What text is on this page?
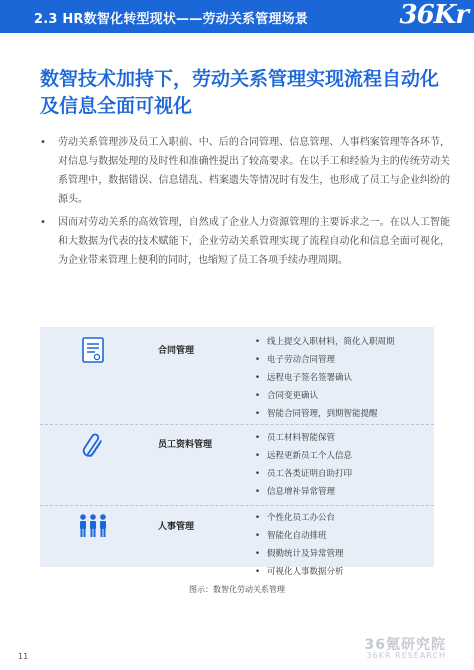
2.3 HR数智化转型现状——劳动关系管理场景	36Kr
数智技术加持下，劳动关系管理实现流程自动化及信息全面可视化
• 劳动关系管理涉及员工入职前、中、后的合同管理、信息管理、人事档案管理等各环节，对信息与数据处理的及时性和准确性提出了较高要求。在以手工和经验为主的传统劳动关系管理中，数据错误、信息错乱、档案遗失等情况时有发生，也形成了员工与企业纠纷的源头。
• 因而对劳动关系的高效管理，自然成了企业人力资源管理的主要诉求之一。在以人工智能和大数据为代表的技术赋能下，企业劳动关系管理实现了流程自动化和信息全面可视化，为企业带来管理上便利的同时，也缩短了员工各项手续办理周期。
合同管理
• 线上提交入职材料，简化入职周期
• 电子劳动合同管理
• 远程电子签名签署确认
• 合同变更确认
• 智能合同管理，到期智能提醒
员工资料管理
• 员工材料智能保管
• 远程更新员工个人信息
• 员工各类证明自助打印
• 信息增补异常管理
人事管理
• 个性化员工办公台
• 智能化自动排班
• 假勤统计及异常管理
• 可视化人事数据分析
图示：数智化劳动关系管理
11
36氪研究院
36KR RESEARCH
